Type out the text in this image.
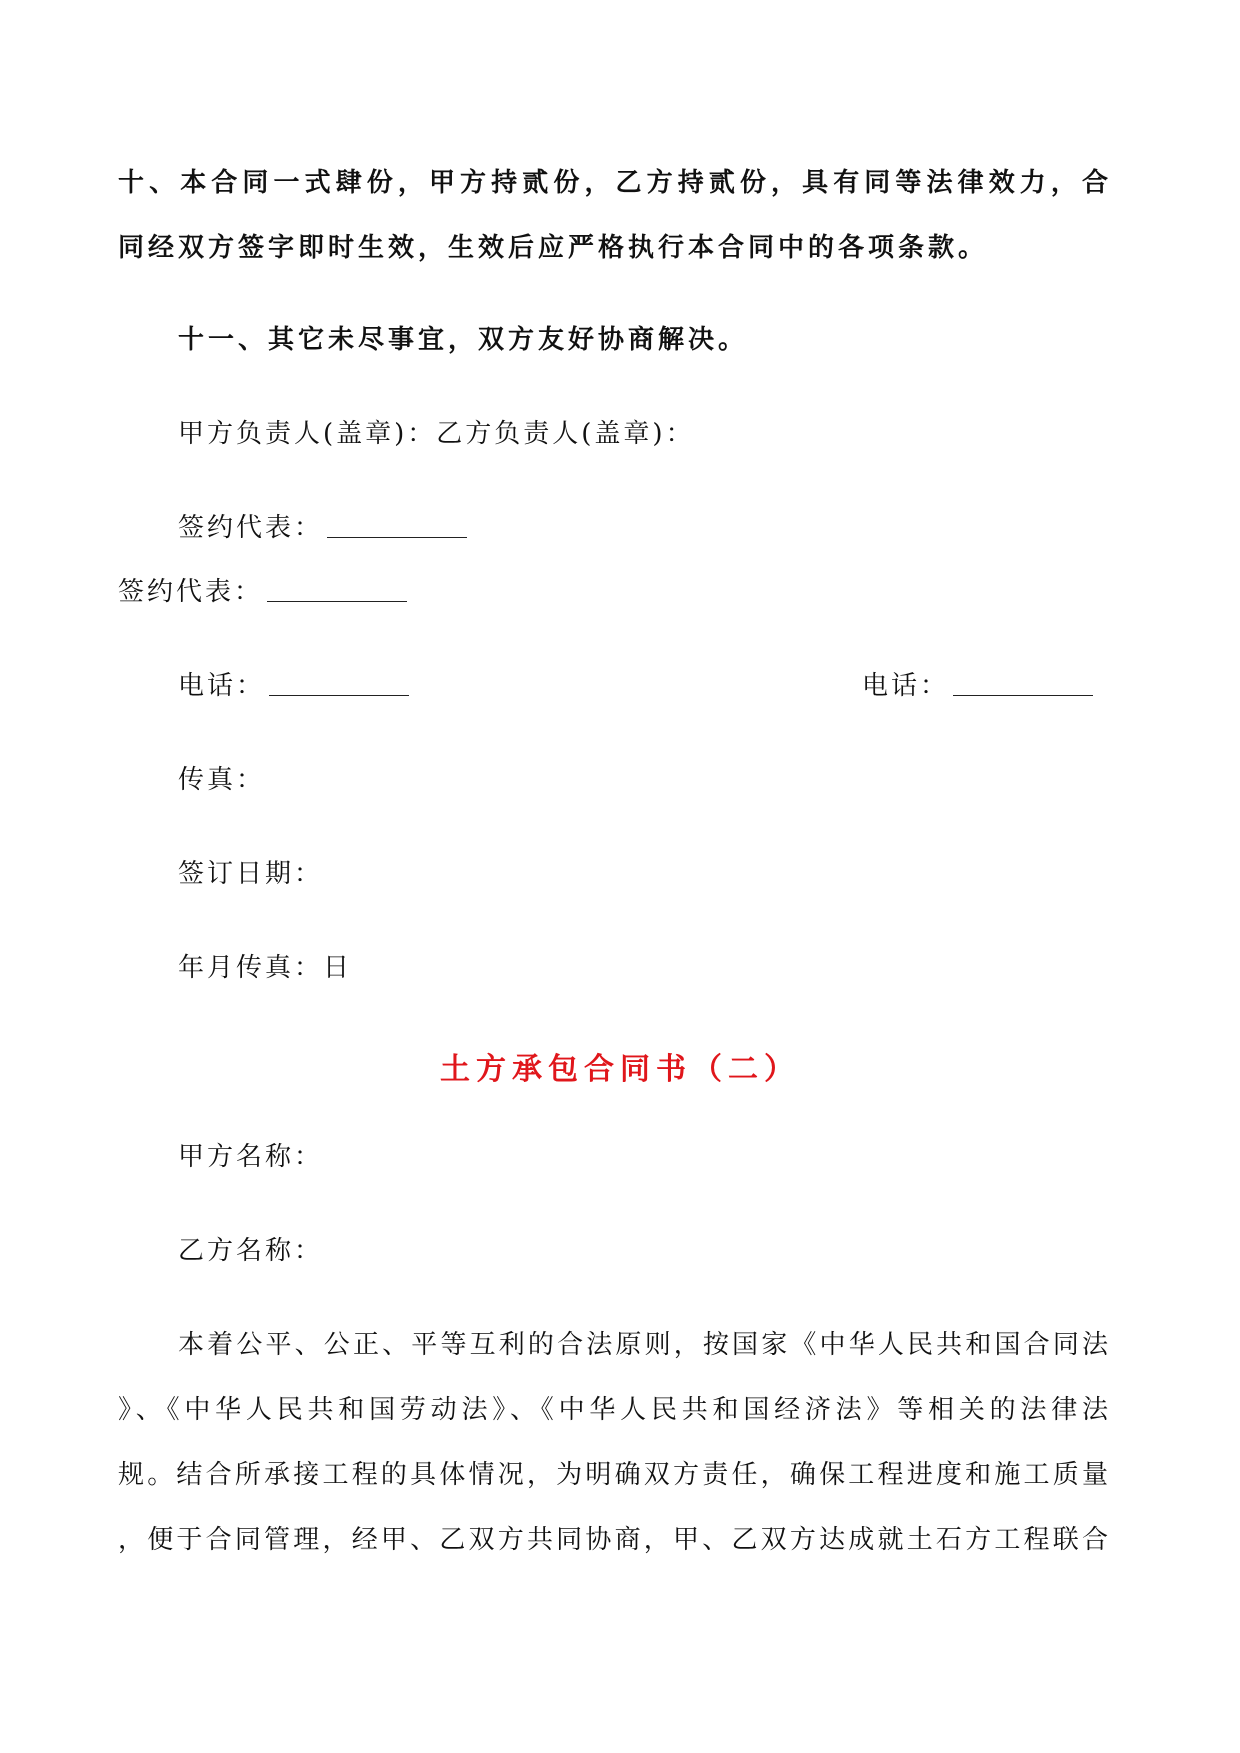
十、本合同一式肆份，甲方持贰份，乙方持贰份，具有同等法律效力，合
同经双方签字即时生效，生效后应严格执行本合同中的各项条款。
十一、其它未尽事宜，双方友好协商解决。
甲方负责人(盖章)：乙方负责人(盖章)：
签约代表：
签约代表：
电话：	电话：
传真：
签订日期：
年月传真：日
土方承包合同书（二）
甲方名称：
乙方名称：
本着公平、公正、平等互利的合法原则，按国家《中华人民共和国合同法
》、《中华人民共和国劳动法》、《中华人民共和国经济法》等相关的法律法
规。结合所承接工程的具体情况，为明确双方责任，确保工程进度和施工质量
，便于合同管理，经甲、乙双方共同协商，甲、乙双方达成就土石方工程联合
